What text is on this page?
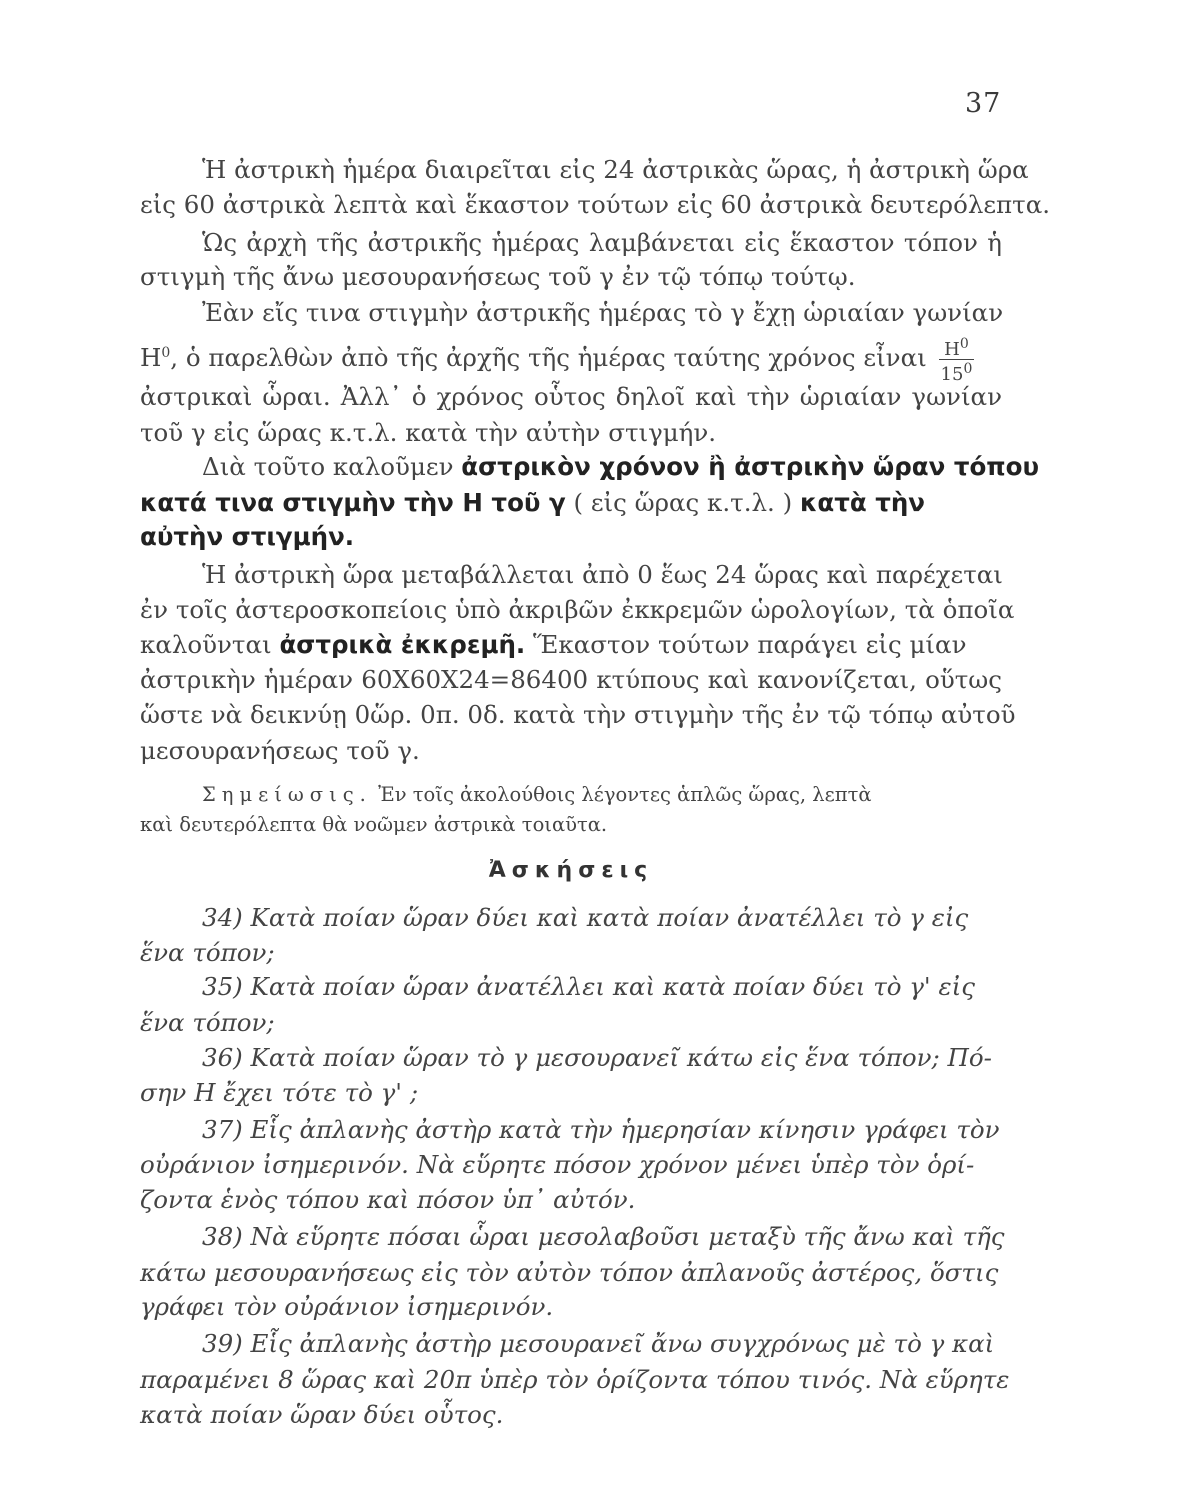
37
Ἡ ἀστρικὴ ἡμέρα διαιρεῖται εἰς 24 ἀστρικὰς ὥρας, ἡ ἀστρικὴ ὥρα
εἰς 60 ἀστρικὰ λεπτὰ καὶ ἕκαστον τούτων εἰς 60 ἀστρικὰ δευτερόλεπτα.
Ὡς ἀρχὴ τῆς ἀστρικῆς ἡμέρας λαμβάνεται εἰς ἕκαστον τόπον ἡ
στιγμὴ τῆς ἄνω μεσουρανήσεως τοῦ γ ἐν τῷ τόπῳ τούτῳ.
Ἐὰν εἴς τινα στιγμὴν ἀστρικῆς ἡμέρας τὸ γ ἔχῃ ὡριαίαν γωνίαν
$H^0$, ὁ παρελθὼν ἀπὸ τῆς ἀρχῆς τῆς ἡμέρας ταύτης χρόνος εἶναι $\frac{H^0}{15^0}$
ἀστρικαὶ ὧραι. Ἀλλ᾽ ὁ χρόνος οὗτος δηλοῖ καὶ τὴν ὡριαίαν γωνίαν
τοῦ γ εἰς ὥρας κ.τ.λ. κατὰ τὴν αὐτὴν στιγμήν.
Διὰ τοῦτο καλοῦμεν ἀστρικὸν χρόνον ἢ ἀστρικὴν ὥραν τόπου
κατά τινα στιγμὴν τὴν Η τοῦ γ ( εἰς ὥρας κ.τ.λ. ) κατὰ τὴν
αὐτὴν στιγμήν.
Ἡ ἀστρικὴ ὥρα μεταβάλλεται ἀπὸ 0 ἕως 24 ὥρας καὶ παρέχεται
ἐν τοῖς ἀστεροσκοπείοις ὑπὸ ἀκριβῶν ἐκκρεμῶν ὡρολογίων, τὰ ὁποῖα
καλοῦνται ἀστρικὰ ἐκκρεμῆ. Ἕκαστον τούτων παράγει εἰς μίαν
ἀστρικὴν ἡμέραν 60X60X24=86400 κτύπους καὶ κανονίζεται, οὕτως
ὥστε νὰ δεικνύῃ 0ὥρ. 0π. 0δ. κατὰ τὴν στιγμὴν τῆς ἐν τῷ τόπῳ αὐτοῦ
μεσουρανήσεως τοῦ γ.
Σημείωσις. Ἐν τοῖς ἀκολούθοις λέγοντες ἁπλῶς ὥρας, λεπτὰ
καὶ δευτερόλεπτα θὰ νοῶμεν ἀστρικὰ τοιαῦτα.
34) Κατὰ ποίαν ὥραν δύει καὶ κατὰ ποίαν ἀνατέλλει τὸ γ εἰς
ἕνα τόπον;
35) Κατὰ ποίαν ὥραν ἀνατέλλει καὶ κατὰ ποίαν δύει τὸ γ' εἰς
ἕνα τόπον;
36) Κατὰ ποίαν ὥραν τὸ γ μεσουρανεῖ κάτω εἰς ἕνα τόπον; Πό-
σην Η ἔχει τότε τὸ γ' ;
37) Εἷς ἀπλανὴς ἀστὴρ κατὰ τὴν ἡμερησίαν κίνησιν γράφει τὸν
οὐράνιον ἰσημερινόν. Νὰ εὕρητε πόσον χρόνον μένει ὑπὲρ τὸν ὁρί-
ζοντα ἑνὸς τόπου καὶ πόσον ὑπ᾽ αὐτόν.
38) Νὰ εὕρητε πόσαι ὧραι μεσολαβοῦσι μεταξὺ τῆς ἄνω καὶ τῆς
κάτω μεσουρανήσεως εἰς τὸν αὐτὸν τόπον ἀπλανοῦς ἀστέρος, ὅστις
γράφει τὸν οὐράνιον ἰσημερινόν.
39) Εἷς ἀπλανὴς ἀστὴρ μεσουρανεῖ ἄνω συγχρόνως μὲ τὸ γ καὶ
παραμένει 8 ὥρας καὶ 20π ὑπὲρ τὸν ὁρίζοντα τόπου τινός. Νὰ εὕρητε
κατὰ ποίαν ὥραν δύει οὗτος.
Ἀσκήσεις
